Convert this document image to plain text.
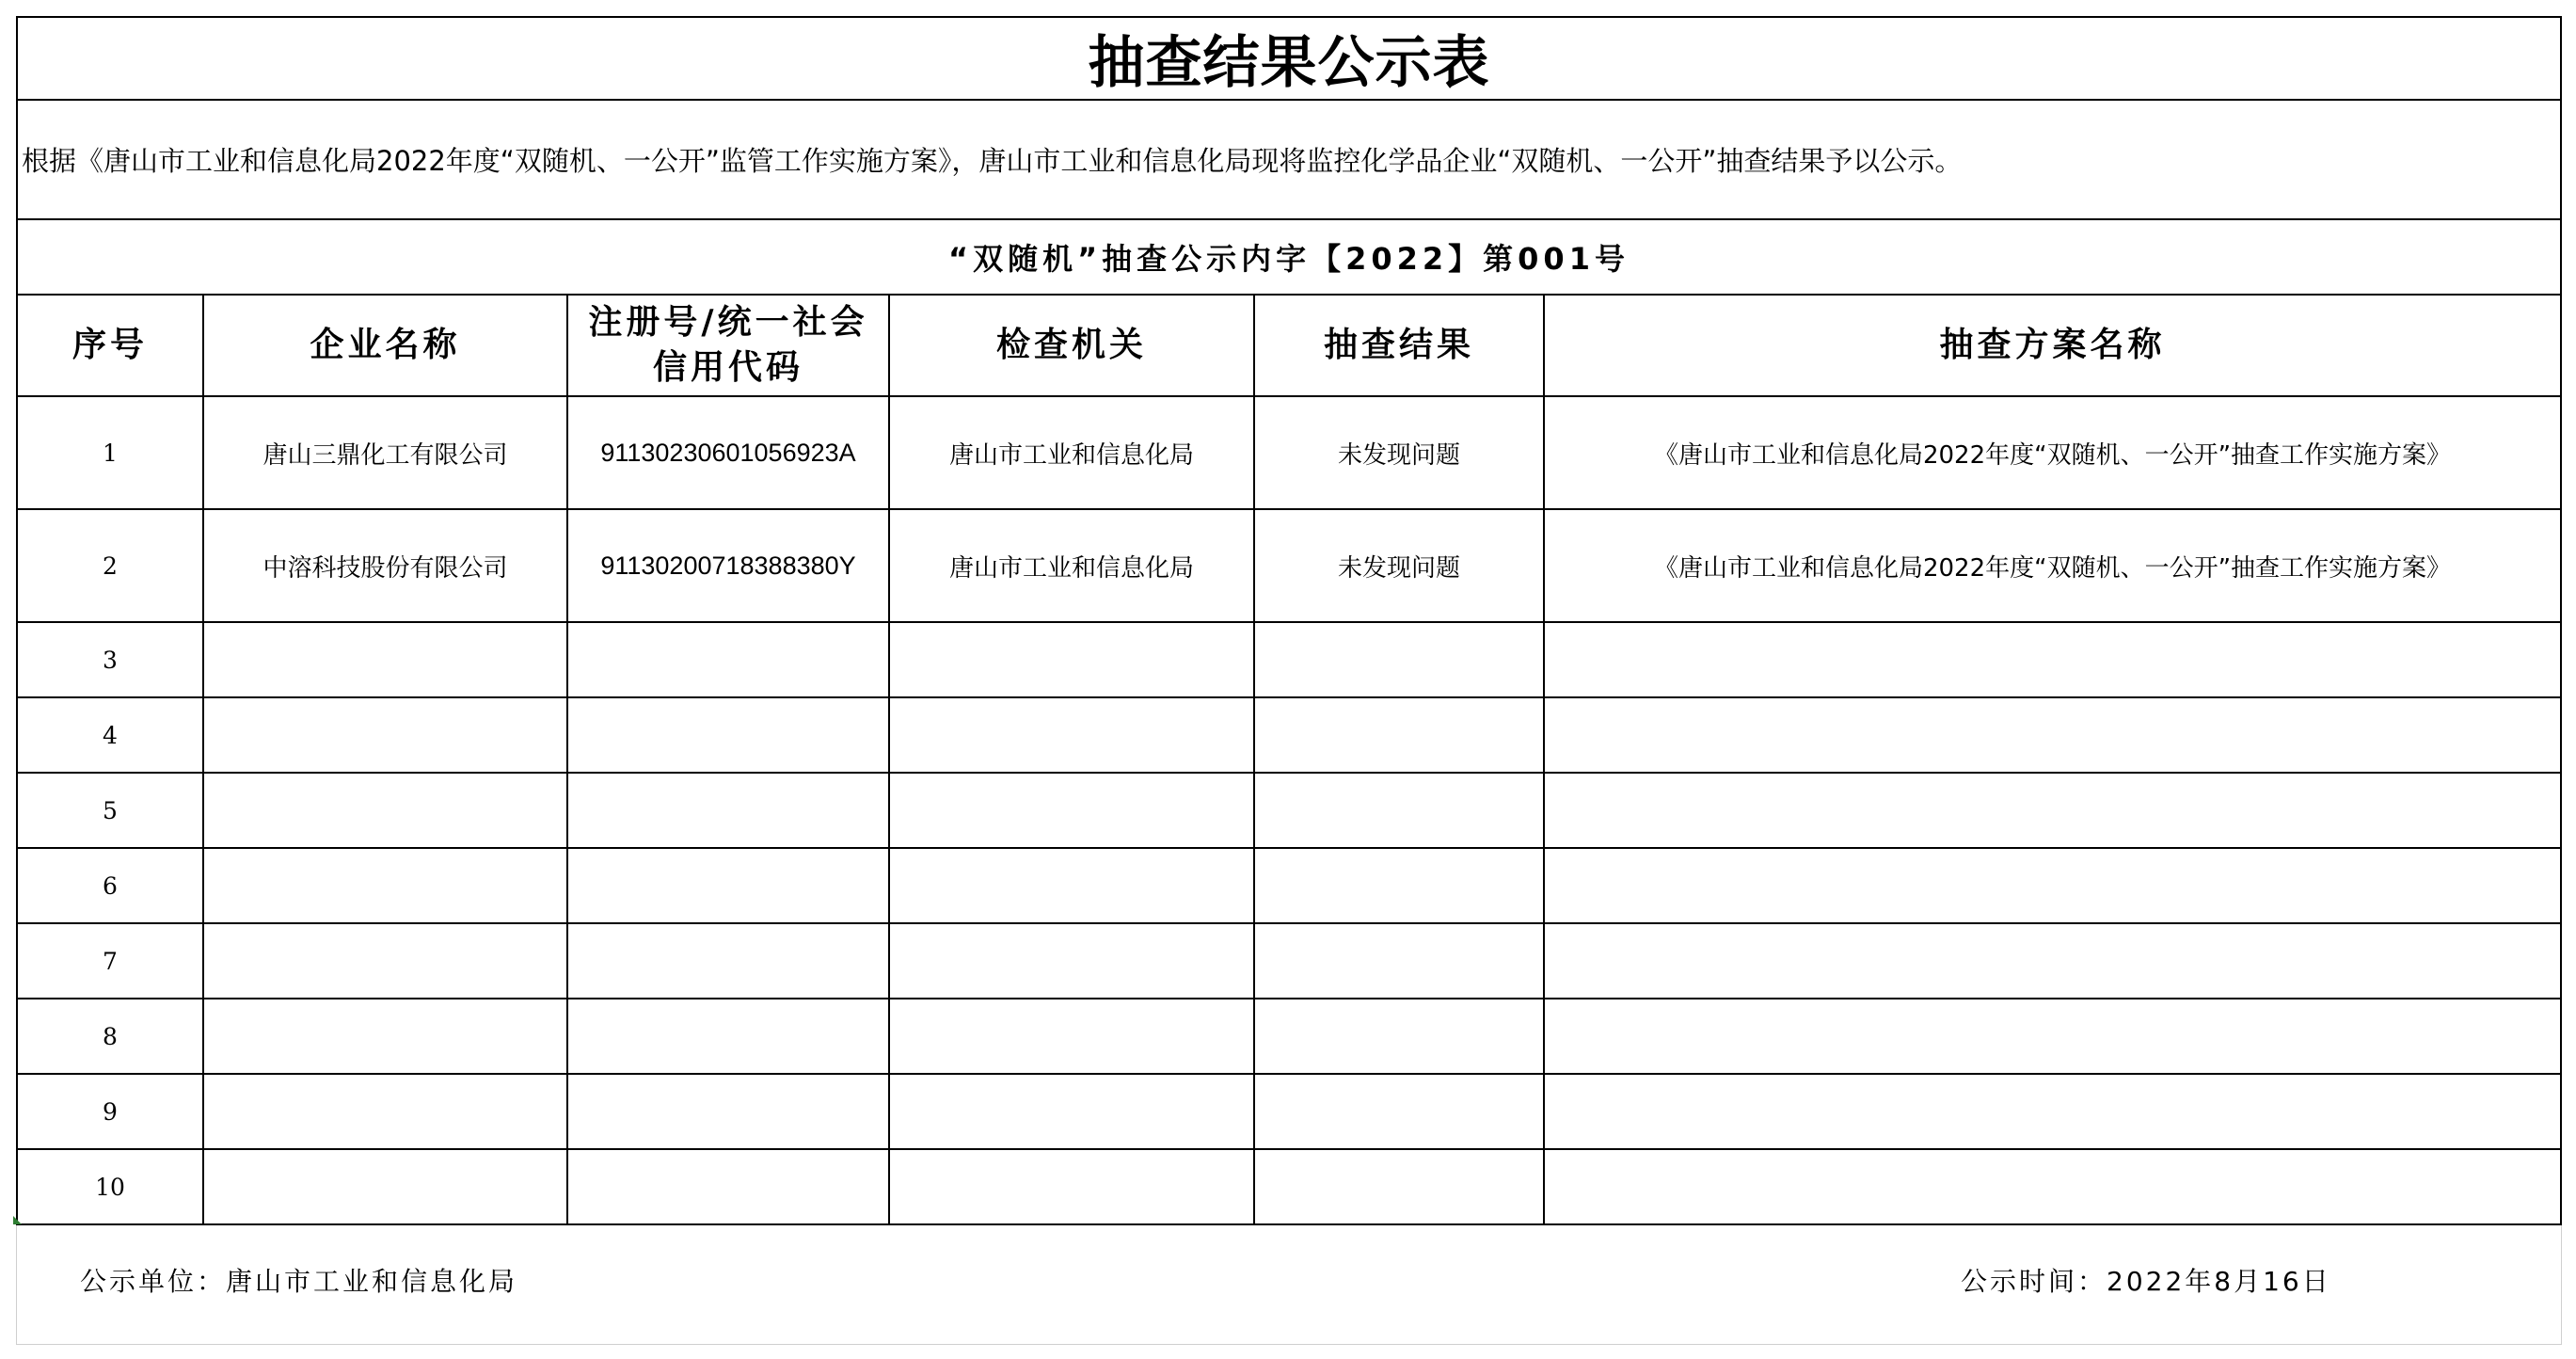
抽查结果公示表					
根据《唐山市工业和信息化局2022年度“双随机、一公开”监管工作实施方案》，唐山市工业和信息化局现将监控化学品企业“双随机、一公开”抽查结果予以公示。					
“双随机”抽查公示内字【2022】第001号					
序号	企业名称	注册号/统一社会信用代码	检查机关	抽查结果	抽查方案名称
1	唐山三鼎化工有限公司	91130230601056923A	唐山市工业和信息化局	未发现问题	《唐山市工业和信息化局2022年度“双随机、一公开”抽查工作实施方案》
2	中溶科技股份有限公司	91130200718388380Y	唐山市工业和信息化局	未发现问题	《唐山市工业和信息化局2022年度“双随机、一公开”抽查工作实施方案》
3					
4					
5					
6					
7					
8					
9					
10					
公示单位：唐山市工业和信息化局	公示时间：2022年8月16日
